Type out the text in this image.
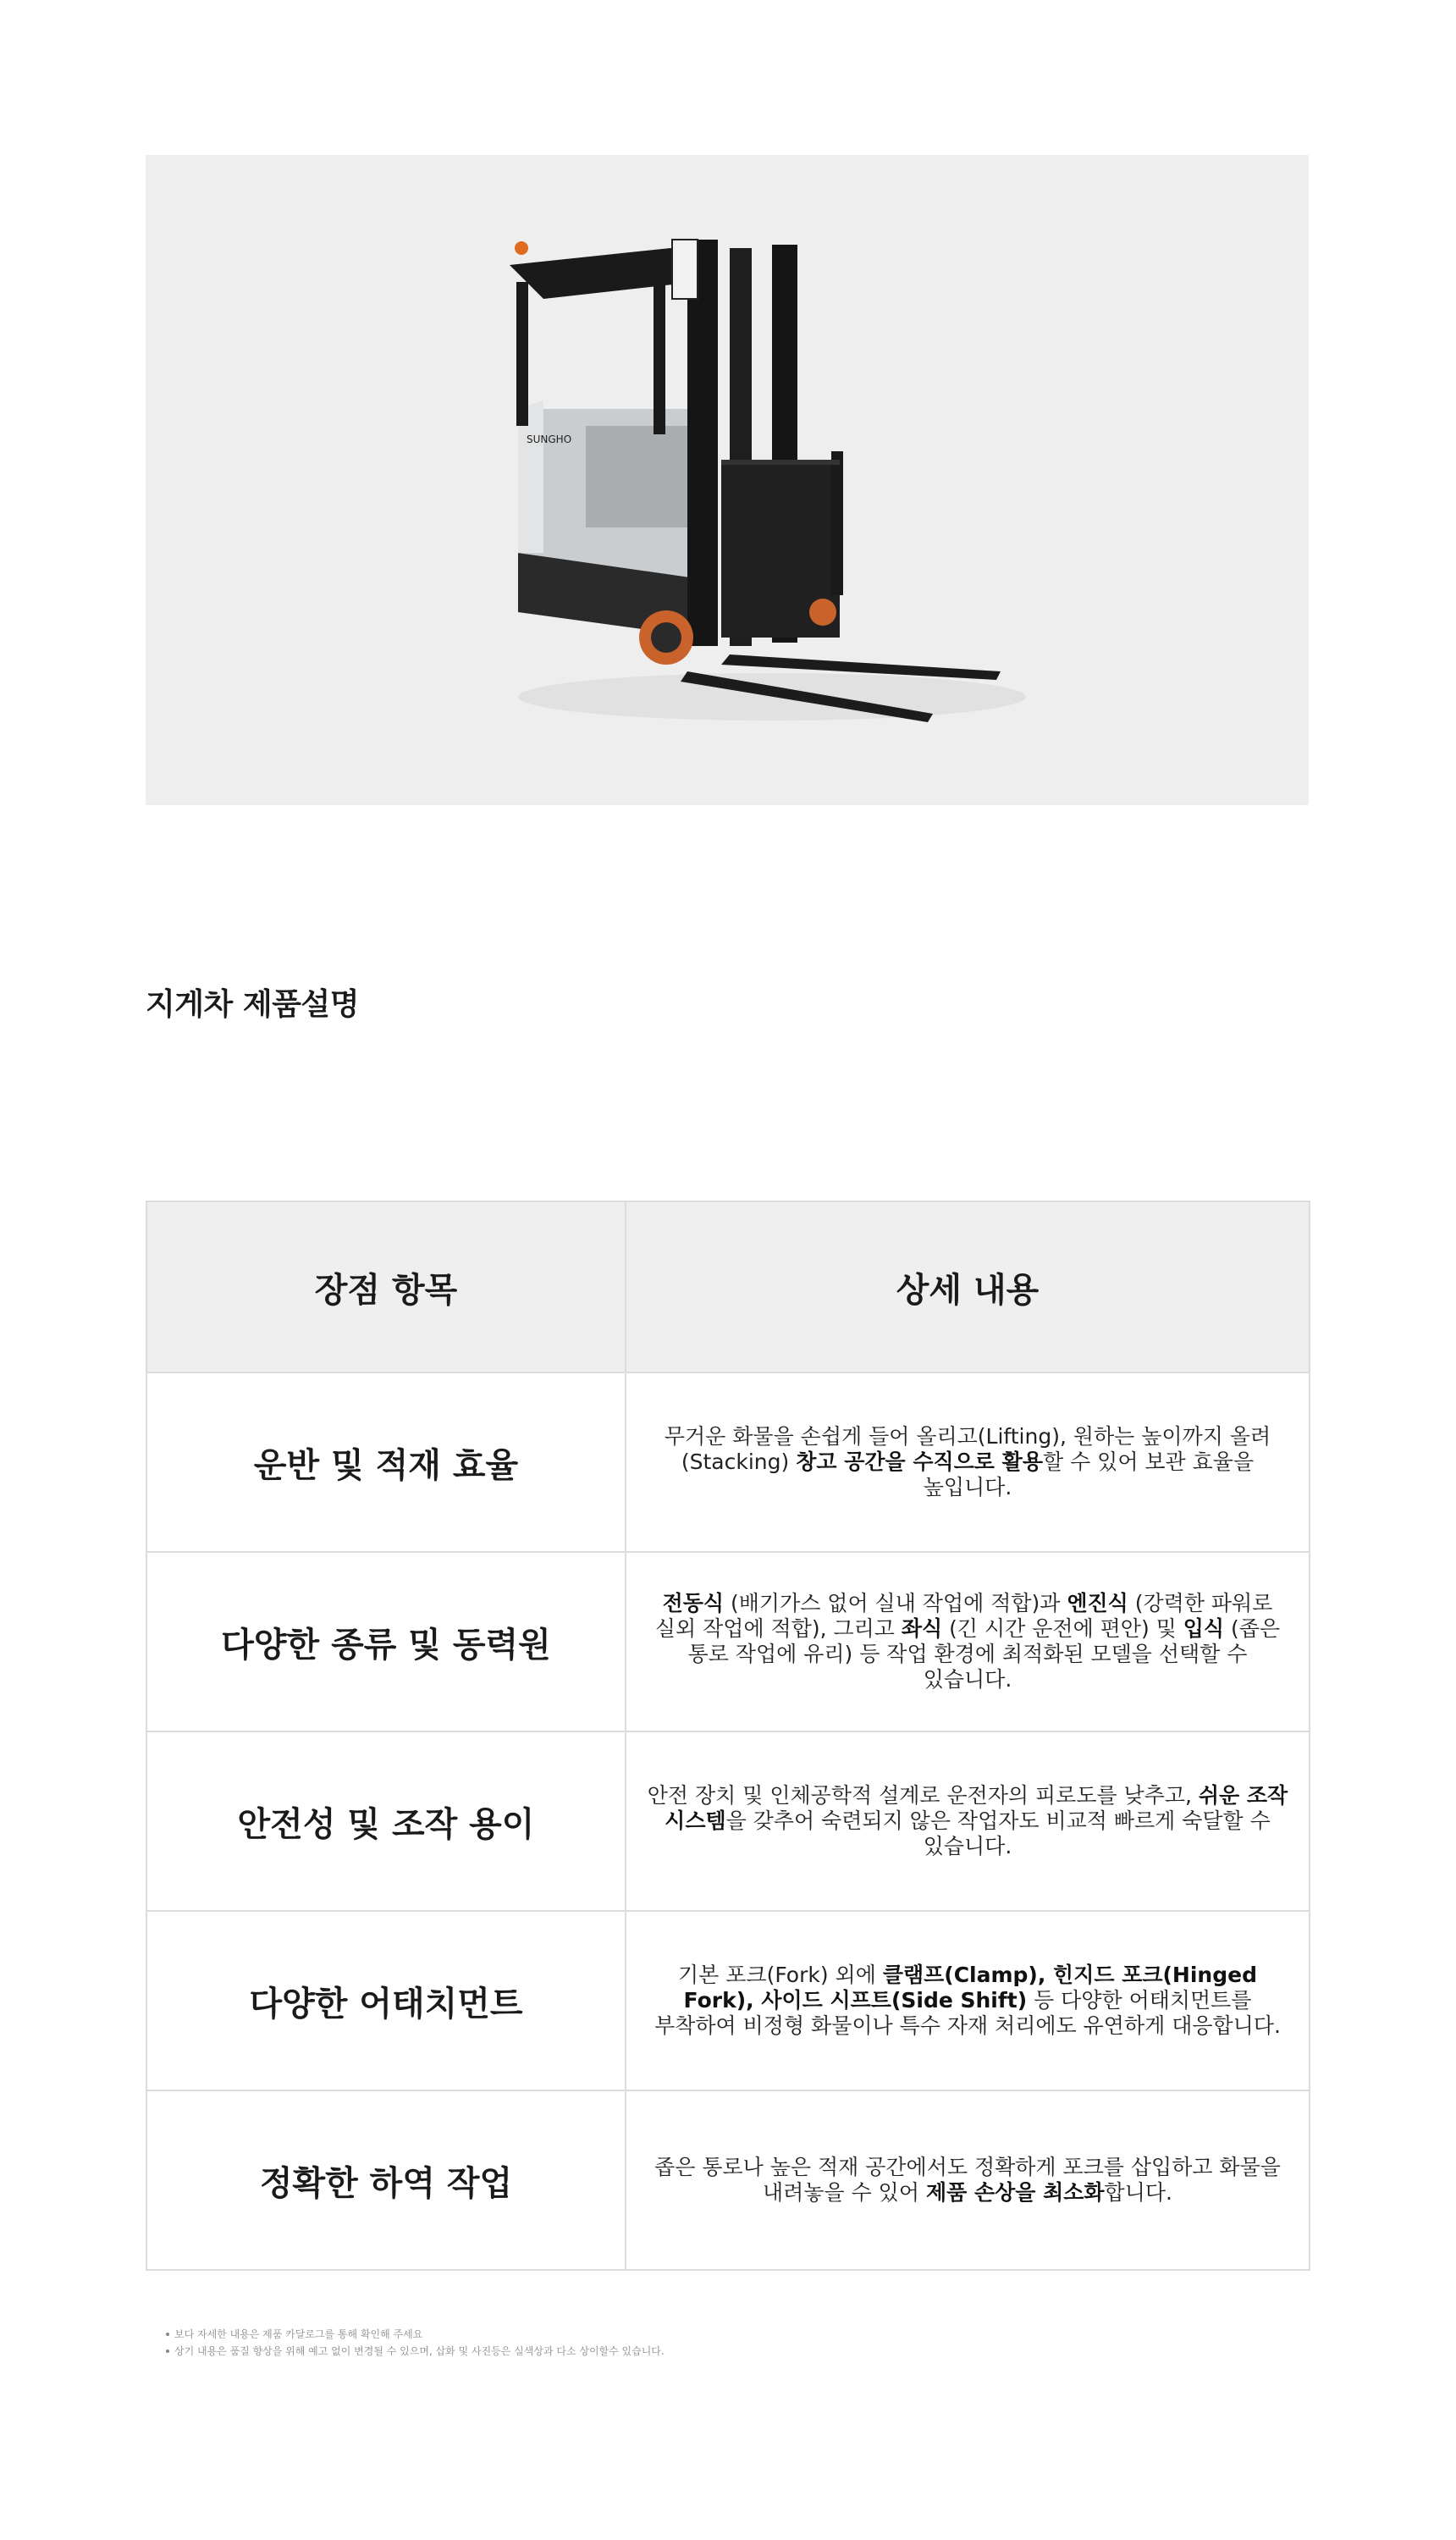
SUNGHO
지게차 제품설명
장점 항목	상세 내용
운반 및 적재 효율	무거운 화물을 손쉽게 들어 올리고(Lifting), 원하는 높이까지 올려 (Stacking) 창고 공간을 수직으로 활용할 수 있어 보관 효율을 높입니다.
다양한 종류 및 동력원	전동식 (배기가스 없어 실내 작업에 적합)과 엔진식 (강력한 파워로 실외 작업에 적합), 그리고 좌식 (긴 시간 운전에 편안) 및 입식 (좁은 통로 작업에 유리) 등 작업 환경에 최적화된 모델을 선택할 수 있습니다.
안전성 및 조작 용이	안전 장치 및 인체공학적 설계로 운전자의 피로도를 낮추고, 쉬운 조작 시스템을 갖추어 숙련되지 않은 작업자도 비교적 빠르게 숙달할 수 있습니다.
다양한 어태치먼트	기본 포크(Fork) 외에 클램프(Clamp), 힌지드 포크(Hinged Fork), 사이드 시프트(Side Shift) 등 다양한 어태치먼트를 부착하여 비정형 화물이나 특수 자재 처리에도 유연하게 대응합니다.
정확한 하역 작업	좁은 통로나 높은 적재 공간에서도 정확하게 포크를 삽입하고 화물을 내려놓을 수 있어 제품 손상을 최소화합니다.
보다 자세한 내용은 제품 카달로그를 통해 확인해 주세요
상기 내용은 품질 향상을 위해 예고 없이 변경될 수 있으며, 삽화 및 사진등은 실색상과 다소 상이할수 있습니다.
